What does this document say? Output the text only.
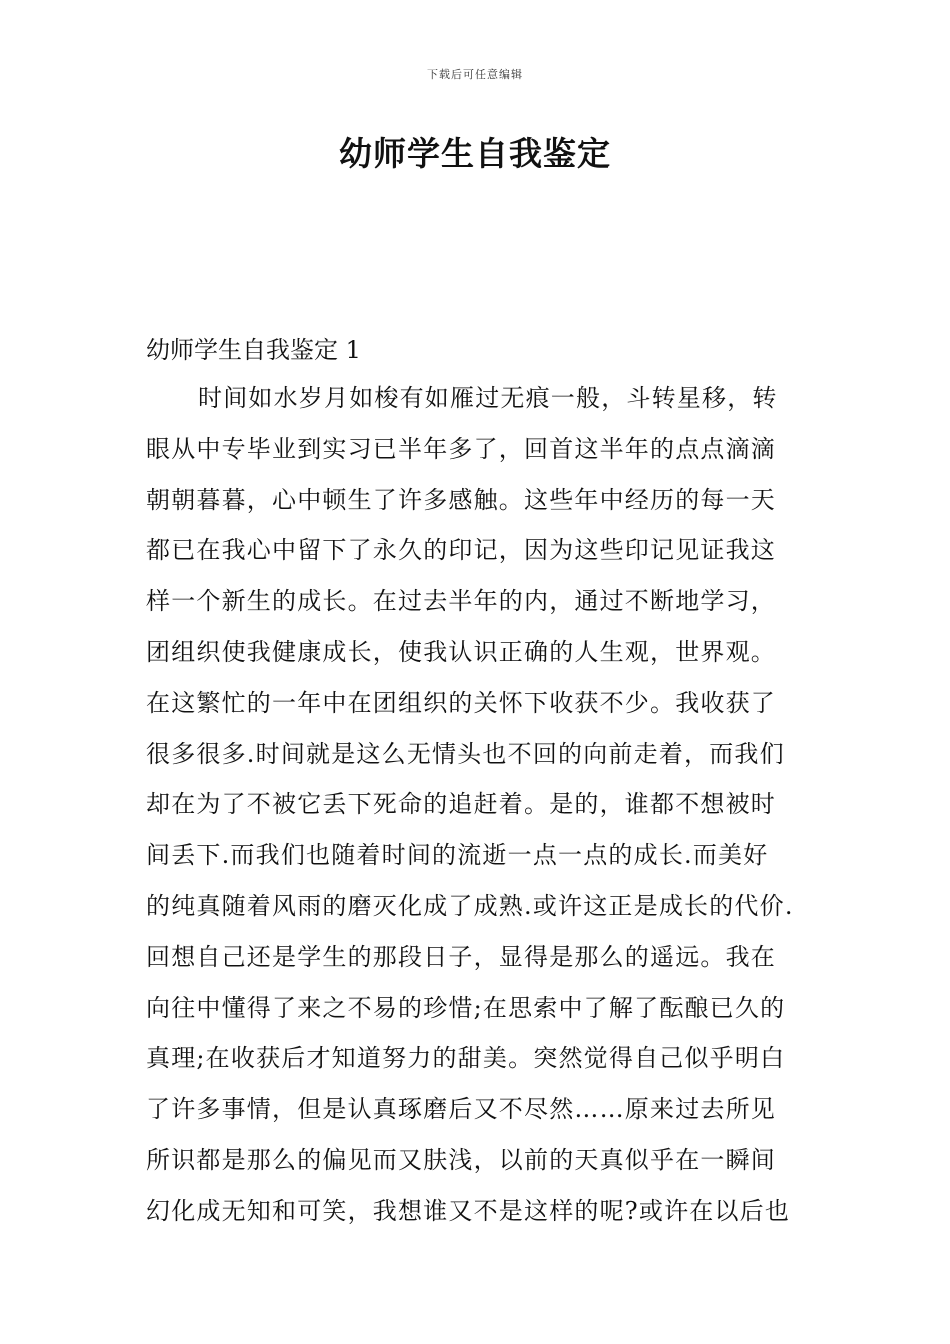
下载后可任意编辑
幼师学生自我鉴定
幼师学生自我鉴定 1
时间如水岁月如梭有如雁过无痕一般，斗转星移，转
眼从中专毕业到实习已半年多了，回首这半年的点点滴滴
朝朝暮暮，心中顿生了许多感触。这些年中经历的每一天
都已在我心中留下了永久的印记，因为这些印记见证我这
样一个新生的成长。在过去半年的内，通过不断地学习，
团组织使我健康成长，使我认识正确的人生观，世界观。
在这繁忙的一年中在团组织的关怀下收获不少。我收获了
很多很多.时间就是这么无情头也不回的向前走着，而我们
却在为了不被它丢下死命的追赶着。是的，谁都不想被时
间丢下.而我们也随着时间的流逝一点一点的成长.而美好
的纯真随着风雨的磨灭化成了成熟.或许这正是成长的代价.
回想自己还是学生的那段日子，显得是那么的遥远。我在
向往中懂得了来之不易的珍惜;在思索中了解了酝酿已久的
真理;在收获后才知道努力的甜美。突然觉得自己似乎明白
了许多事情，但是认真琢磨后又不尽然……原来过去所见
所识都是那么的偏见而又肤浅，以前的天真似乎在一瞬间
幻化成无知和可笑，我想谁又不是这样的呢?或许在以后也
